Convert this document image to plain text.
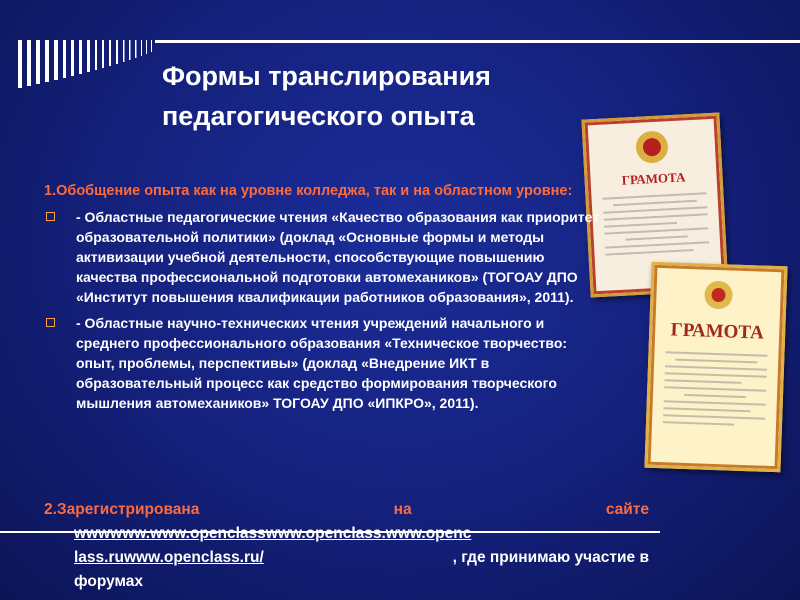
Формы транслирования
педагогического опыта
ГРАМОТА
ГРАМОТА

1.Обобщение опыта как на уровне колледжа, так и на областном уровне:

- Областные педагогические чтения «Качество образования как приоритет образовательной политики» (доклад «Основные формы и методы активизации учебной деятельности, способствующие повышению качества профессиональной подготовки автомехаников» (ТОГОАУ ДПО «Институт повышения квалификации работников образования», 2011).
- Областные научно-технических чтения учреждений начального и среднего профессионального образования «Техническое творчество: опыт, проблемы, перспективы» (доклад «Внедрение ИКТ в образовательный процесс как средство формирования творческого мышления автомехаников» ТОГОАУ ДПО «ИПКРО», 2011).
2.Зарегистрирована	на	сайте
wwwwww.www.openclasswww.openclass.www.openc
lass.ruwww.openclass.ru/	, где принимаю участие в
форумах
